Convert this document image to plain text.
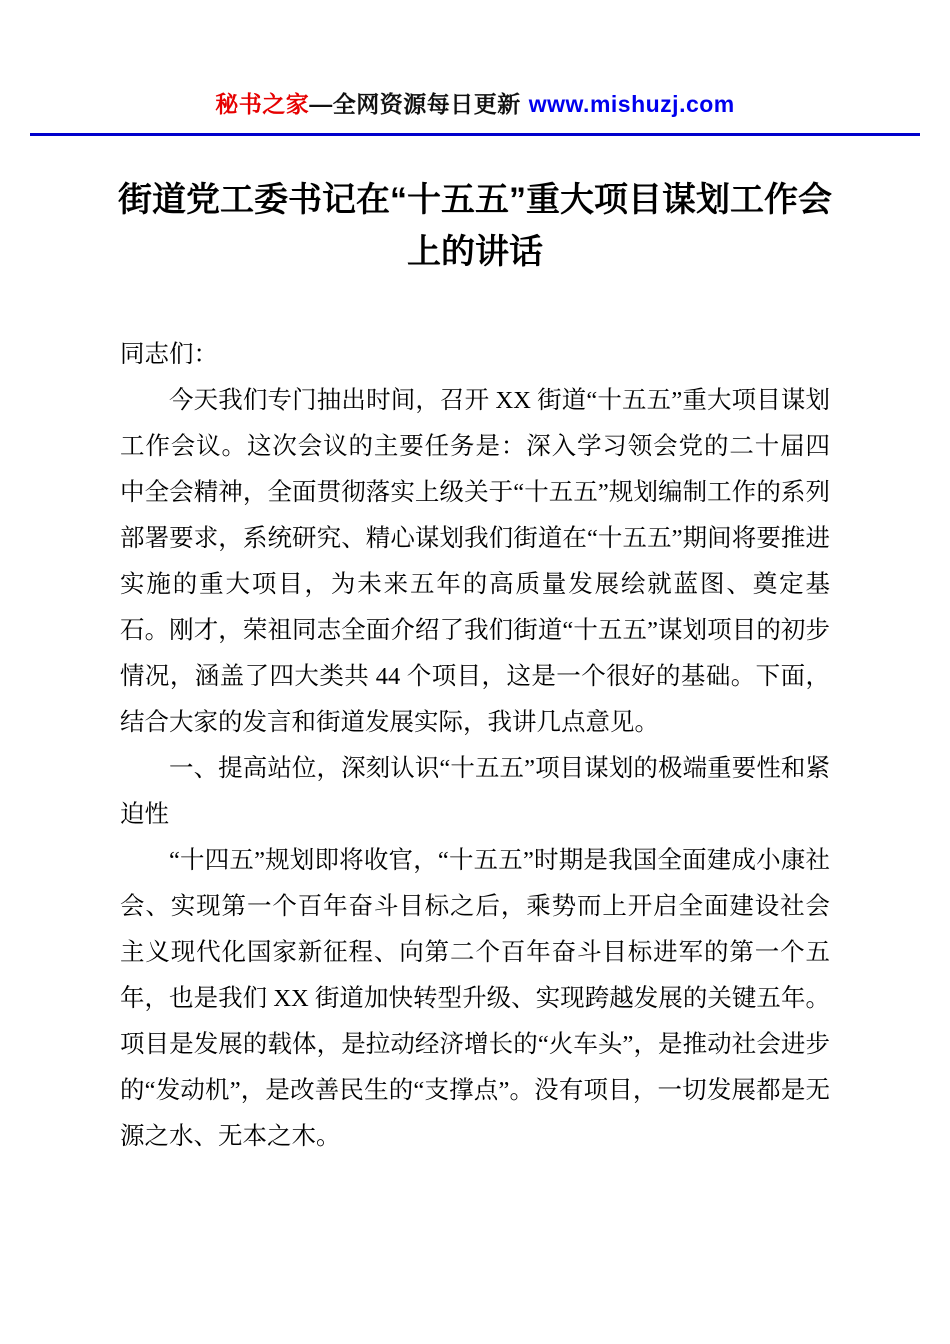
秘书之家—全网资源每日更新 www.mishuzj.com
街道党工委书记在“十五五”重大项目谋划工作会上的讲话

同志们：

今天我们专门抽出时间，召开 XX 街道“十五五”重大项目谋划工作会议。这次会议的主要任务是：深入学习领会党的二十届四中全会精神，全面贯彻落实上级关于“十五五”规划编制工作的系列部署要求，系统研究、精心谋划我们街道在“十五五”期间将要推进实施的重大项目，为未来五年的高质量发展绘就蓝图、奠定基石。刚才，荣祖同志全面介绍了我们街道“十五五”谋划项目的初步情况，涵盖了四大类共 44 个项目，这是一个很好的基础。下面，结合大家的发言和街道发展实际，我讲几点意见。

一、提高站位，深刻认识“十五五”项目谋划的极端重要性和紧迫性

“十四五”规划即将收官，“十五五”时期是我国全面建成小康社会、实现第一个百年奋斗目标之后，乘势而上开启全面建设社会主义现代化国家新征程、向第二个百年奋斗目标进军的第一个五年，也是我们 XX 街道加快转型升级、实现跨越发展的关键五年。项目是发展的载体，是拉动经济增长的“火车头”，是推动社会进步的“发动机”，是改善民生的“支撑点”。没有项目，一切发展都是无源之水、无本之木。
